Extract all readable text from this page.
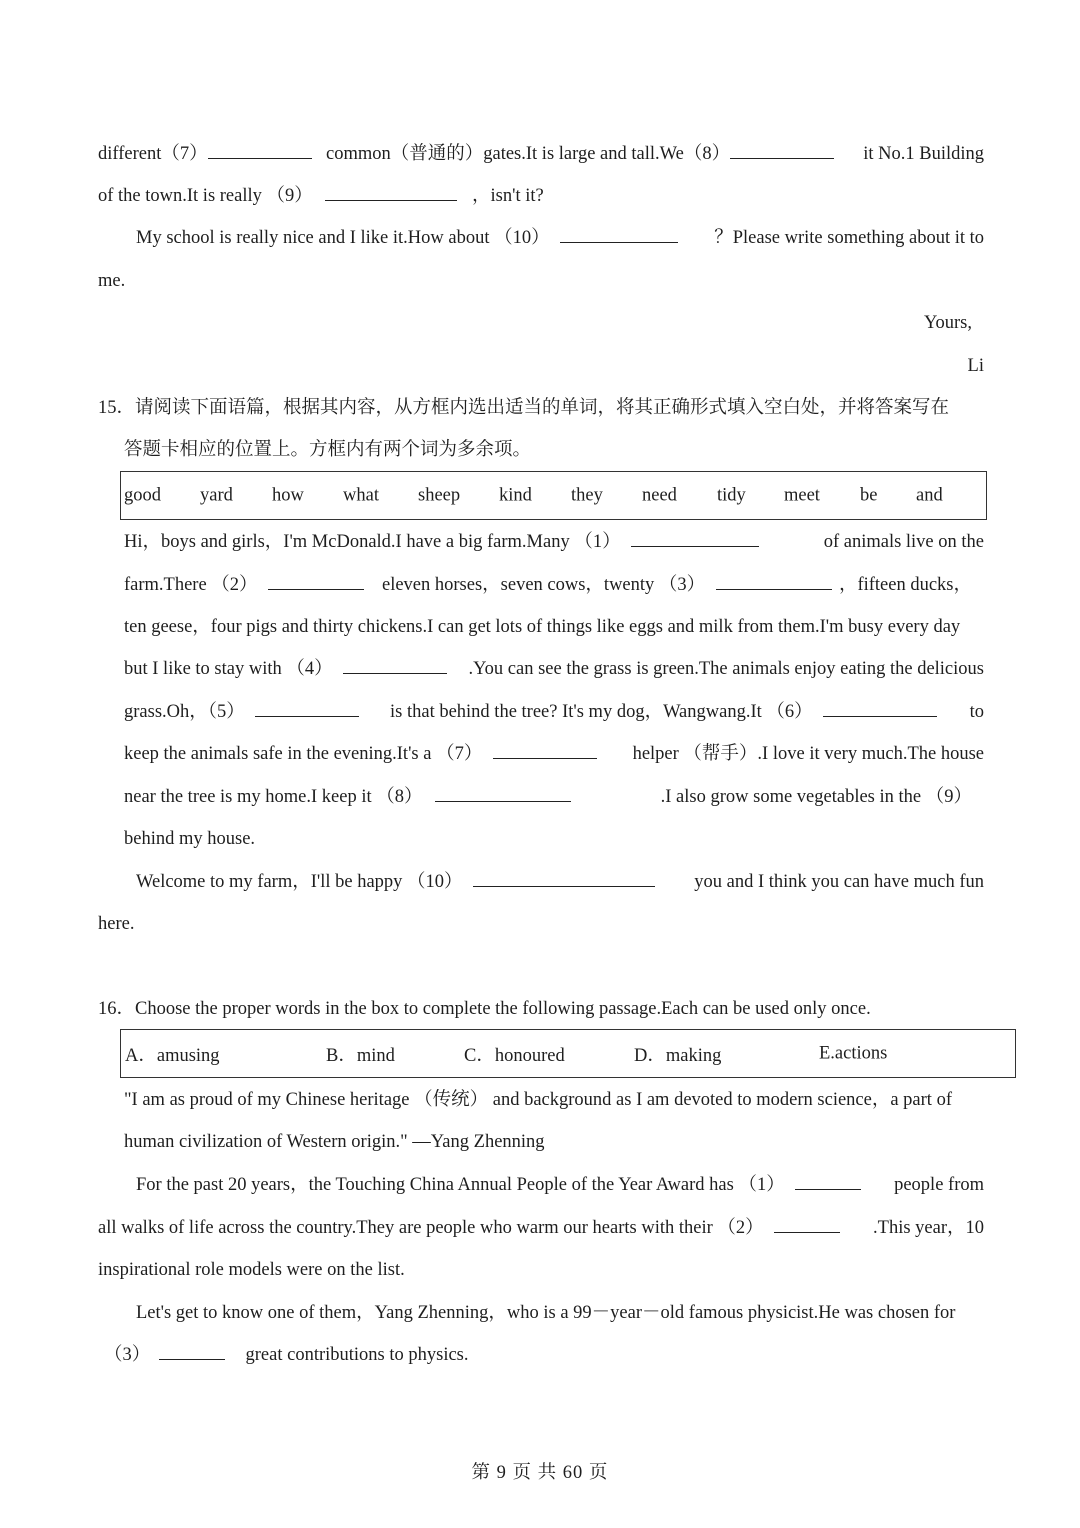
different（7）	common（普通的）gates.It is large and tall.We（8）	it No.1 Building
of the town.It is really （9）	，isn't it?
My school is really nice and I like it.How about （10）	？Please write something about it to
me.
Yours,
Li
15．请阅读下面语篇，根据其内容，从方框内选出适当的单词，将其正确形式填入空白处，并将答案写在
答题卡相应的位置上。方框内有两个词为多余项。
good yard how what sheep kind they need tidy meet be and
Hi，boys and girls，I'm McDonald.I have a big farm.Many （1）	of animals live on the
farm.There （2）	eleven horses，seven cows，twenty （3）	，fifteen ducks，
ten geese，four pigs and thirty chickens.I can get lots of things like eggs and milk from them.I'm busy every day
but I like to stay with （4）	.You can see the grass is green.The animals enjoy eating the delicious
grass.Oh，（5）	is that behind the tree? It's my dog，Wangwang.It （6）	to
keep the animals safe in the evening.It's a （7）	helper （帮手）.I love it very much.The house
near the tree is my home.I keep it （8）	.I also grow some vegetables in the （9）
behind my house.
Welcome to my farm，I'll be happy （10）	you and I think you can have much fun
here.
16．Choose the proper words in the box to complete the following passage.Each can be used only once.
A．amusing	B．mind	C．honoured	D．making	E.actions
"I am as proud of my Chinese heritage （传统） and background as I am devoted to modern science，a part of
human civilization of Western origin." —Yang Zhenning
For the past 20 years，the Touching China Annual People of the Year Award has （1）	people from
all walks of life across the country.They are people who warm our hearts with their （2）	.This year，10
inspirational role models were on the list.
Let's get to know one of them，Yang Zhenning，who is a 99－year－old famous physicist.He was chosen for
（3）	great contributions to physics.
第 9 页 共 60 页
